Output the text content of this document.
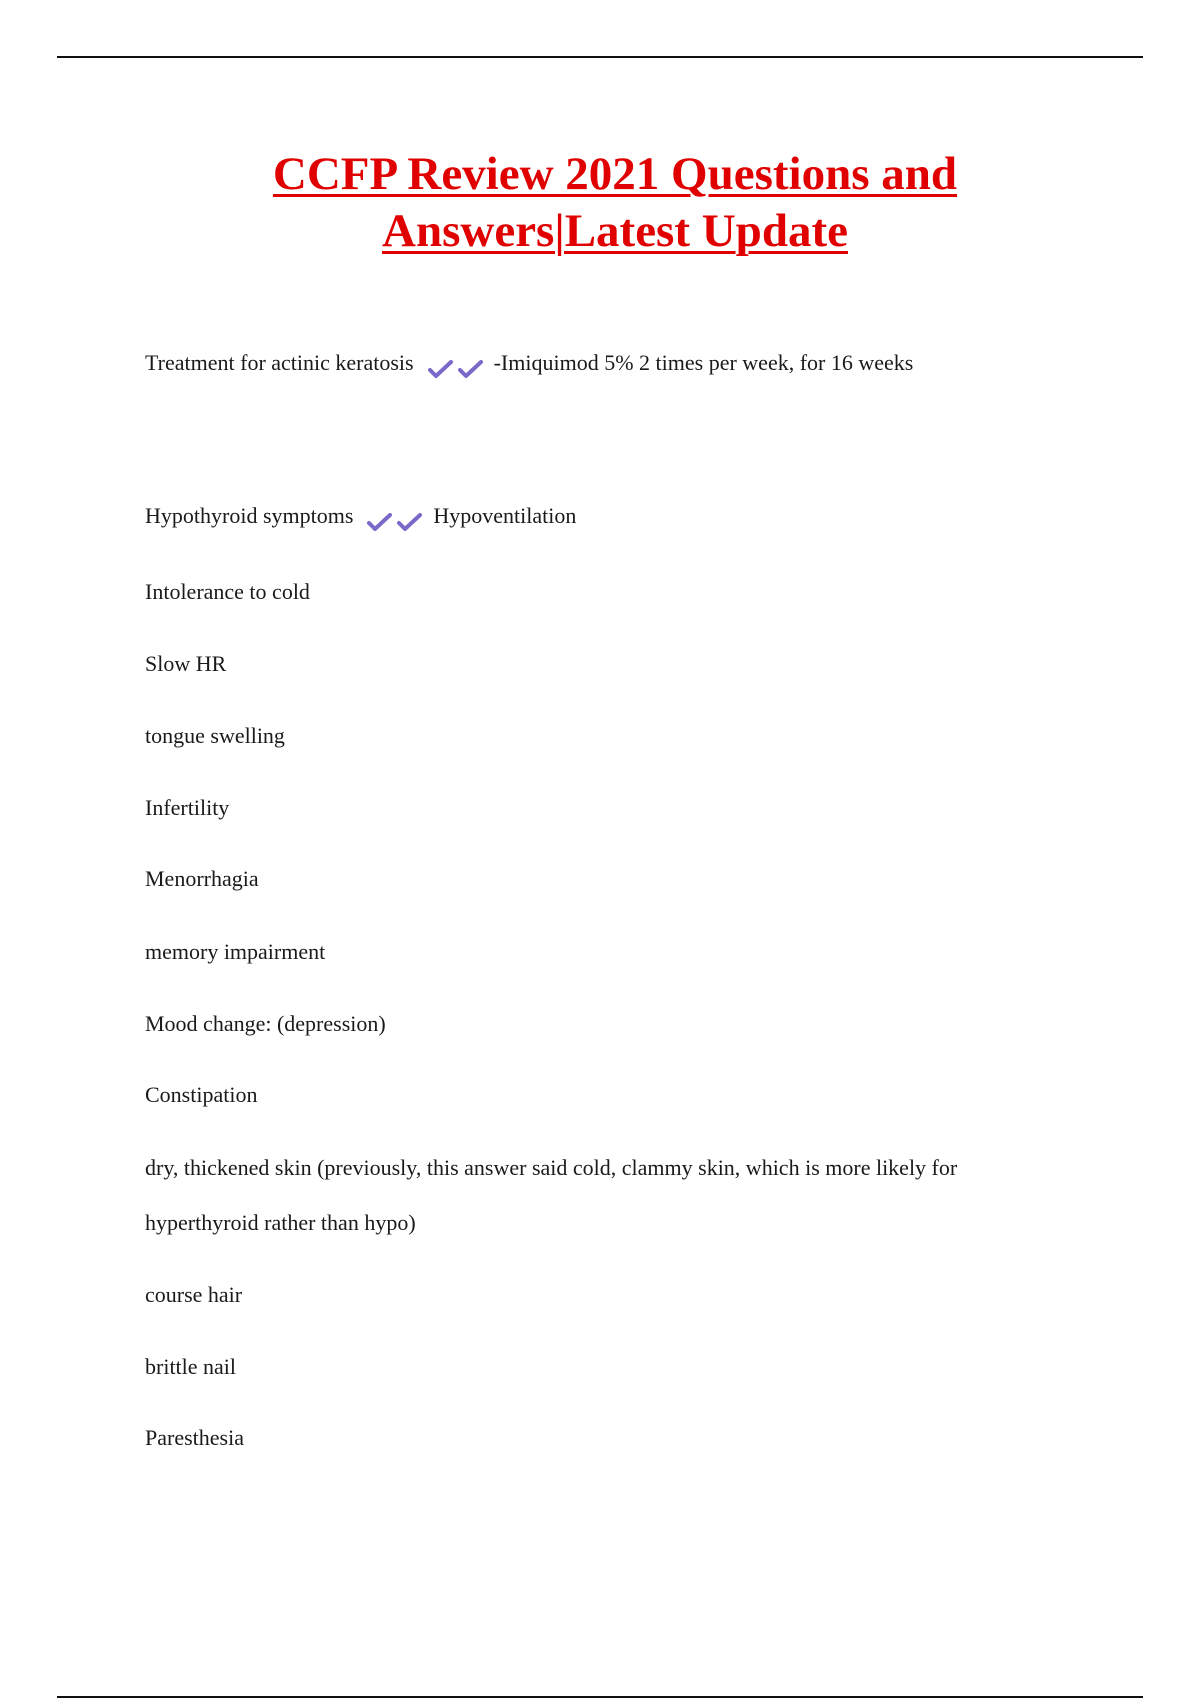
CCFP Review 2021 Questions and
Answers|Latest Update
Treatment for actinic keratosis	-Imiquimod 5% 2 times per week, for 16 weeks
Hypothyroid symptoms	Hypoventilation
Intolerance to cold
Slow HR
tongue swelling
Infertility
Menorrhagia
memory impairment
Mood change: (depression)
Constipation
dry, thickened skin (previously, this answer said cold, clammy skin, which is more likely for
hyperthyroid rather than hypo)
course hair
brittle nail
Paresthesia
